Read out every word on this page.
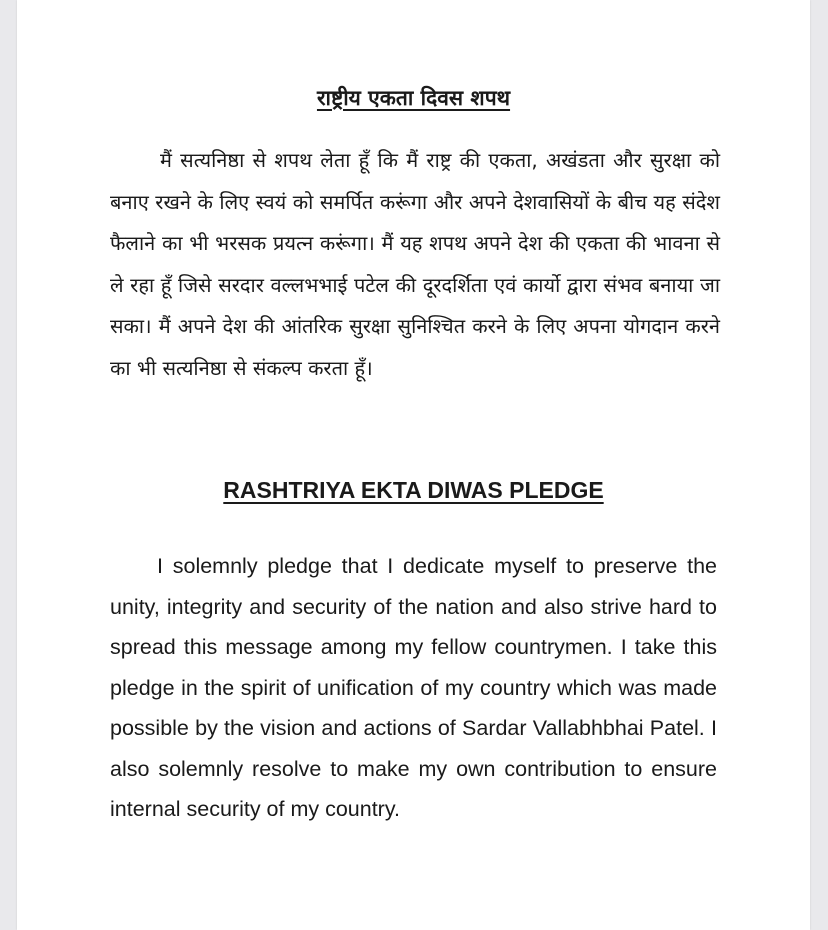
राष्ट्रीय एकता दिवस शपथ

मैं सत्यनिष्ठा से शपथ लेता हूँ कि मैं राष्ट्र की एकता, अखंडता और सुरक्षा को बनाए रखने के लिए स्वयं को समर्पित करूंगा और अपने देशवासियों के बीच यह संदेश फैलाने का भी भरसक प्रयत्न करूंगा। मैं यह शपथ अपने देश की एकता की भावना से ले रहा हूँ जिसे सरदार वल्लभभाई पटेल की दूरदर्शिता एवं कार्यो द्वारा संभव बनाया जा सका। मैं अपने देश की आंतरिक सुरक्षा सुनिश्चित करने के लिए अपना योगदान करने का भी सत्यनिष्ठा से संकल्प करता हूँ।

RASHTRIYA EKTA DIWAS PLEDGE

I solemnly pledge that I dedicate myself to preserve the unity, integrity and security of the nation and also strive hard to spread this message among my fellow countrymen. I take this pledge in the spirit of unification of my country which was made possible by the vision and actions of Sardar Vallabhbhai Patel. I also solemnly resolve to make my own contribution to ensure internal security of my country.
